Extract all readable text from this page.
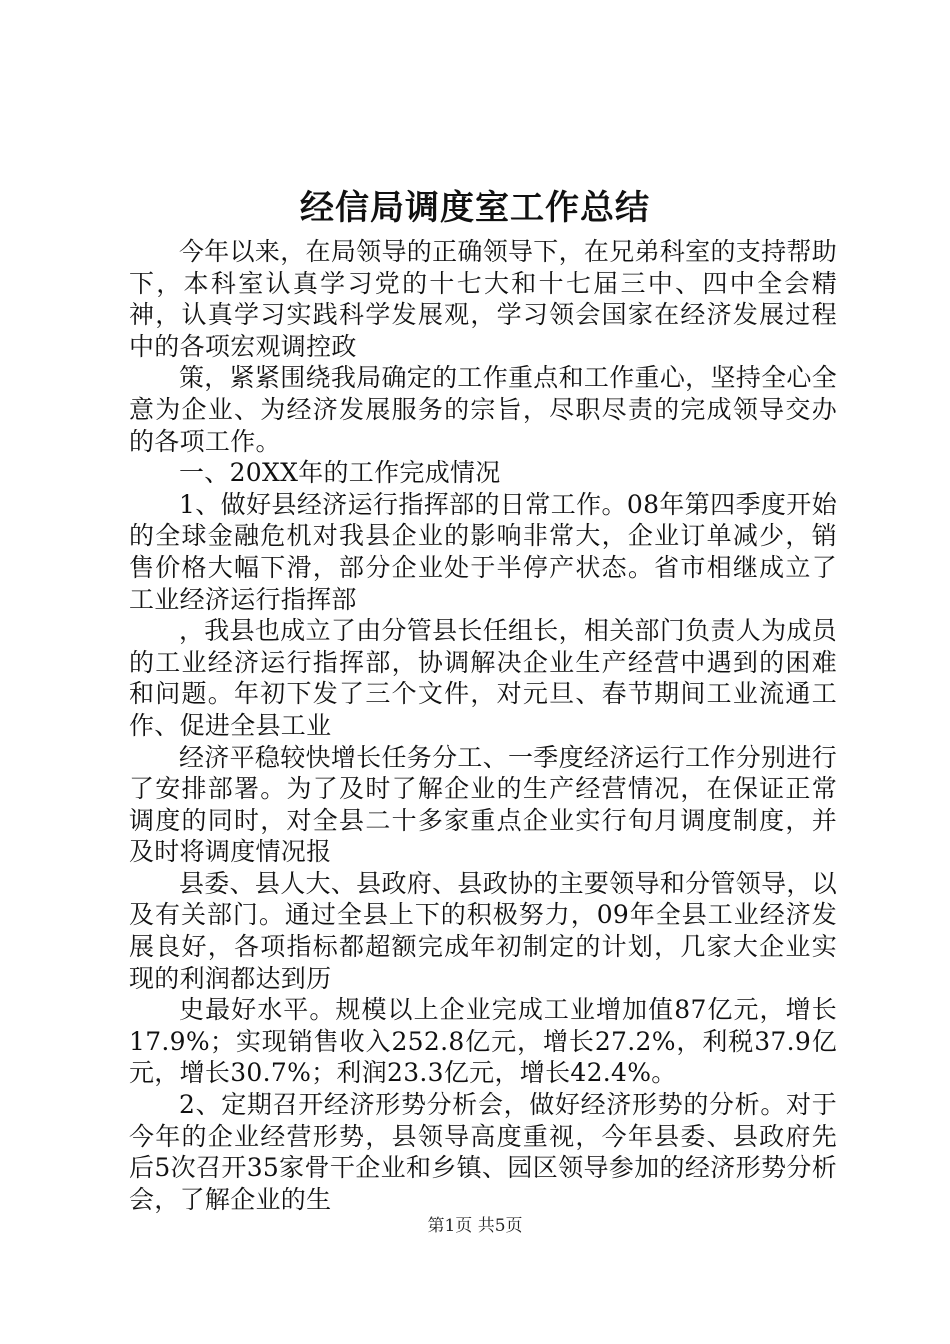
经信局调度室工作总结

今年以来，在局领导的正确领导下，在兄弟科室的支持帮助下，本科室认真学习党的十七大和十七届三中、四中全会精神，认真学习实践科学发展观，学习领会国家在经济发展过程中的各项宏观调控政

策，紧紧围绕我局确定的工作重点和工作重心，坚持全心全意为企业、为经济发展服务的宗旨，尽职尽责的完成领导交办的各项工作。

一、20XX年的工作完成情况

1、做好县经济运行指挥部的日常工作。08年第四季度开始的全球金融危机对我县企业的影响非常大，企业订单减少，销售价格大幅下滑，部分企业处于半停产状态。省市相继成立了工业经济运行指挥部

，我县也成立了由分管县长任组长，相关部门负责人为成员的工业经济运行指挥部，协调解决企业生产经营中遇到的困难和问题。年初下发了三个文件，对元旦、春节期间工业流通工作、促进全县工业

经济平稳较快增长任务分工、一季度经济运行工作分别进行了安排部署。为了及时了解企业的生产经营情况，在保证正常调度的同时，对全县二十多家重点企业实行旬月调度制度，并及时将调度情况报

县委、县人大、县政府、县政协的主要领导和分管领导，以及有关部门。通过全县上下的积极努力，09年全县工业经济发展良好，各项指标都超额完成年初制定的计划，几家大企业实现的利润都达到历

史最好水平。规模以上企业完成工业增加值87亿元，增长17.9%；实现销售收入252.8亿元，增长27.2%，利税37.9亿元，增长30.7%；利润23.3亿元，增长42.4%。

2、定期召开经济形势分析会，做好经济形势的分析。对于今年的企业经营形势，县领导高度重视，今年县委、县政府先后5次召开35家骨干企业和乡镇、园区领导参加的经济形势分析会，了解企业的生

第1页 共5页
